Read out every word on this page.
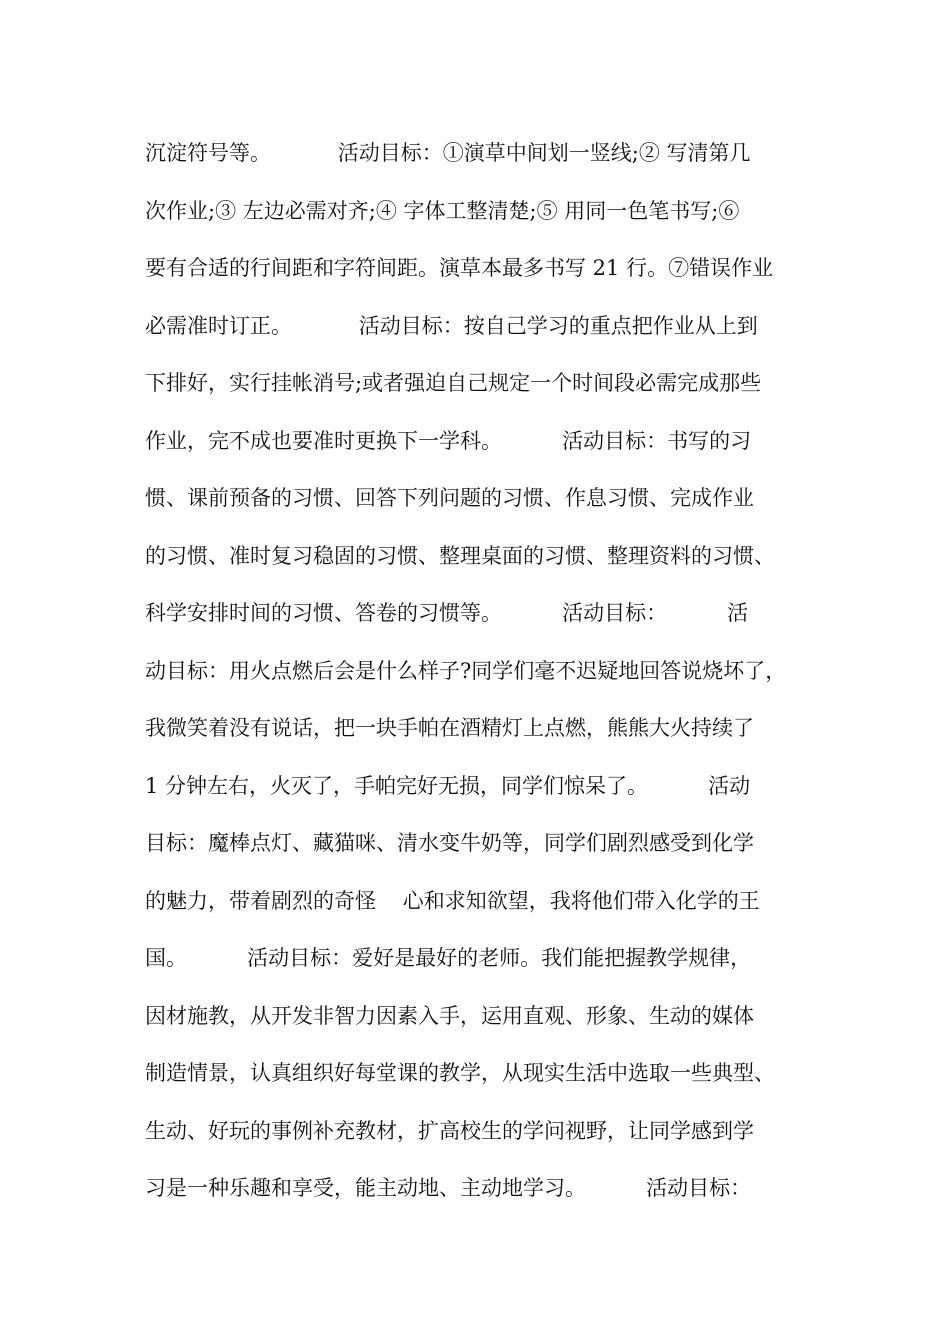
沉淀符号等。          活动目标：①演草中间划一竖线;② 写清第几
次作业;③ 左边必需对齐;④ 字体工整清楚;⑤ 用同一色笔书写;⑥
要有合适的行间距和字符间距。演草本最多书写 21 行。⑦错误作业
必需准时订正。          活动目标：按自己学习的重点把作业从上到
下排好，实行挂帐消号;或者强迫自己规定一个时间段必需完成那些
作业，完不成也要准时更换下一学科。         活动目标：书写的习
惯、课前预备的习惯、回答下列问题的习惯、作息习惯、完成作业
的习惯、准时复习稳固的习惯、整理桌面的习惯、整理资料的习惯、
科学安排时间的习惯、答卷的习惯等。         活动目标：         活
动目标：用火点燃后会是什么样子?同学们毫不迟疑地回答说烧坏了，
我微笑着没有说话，把一块手帕在酒精灯上点燃，熊熊大火持续了
1 分钟左右，火灭了，手帕完好无损，同学们惊呆了。         活动
目标：魔棒点灯、藏猫咪、清水变牛奶等，同学们剧烈感受到化学
的魅力，带着剧烈的奇怪    心和求知欲望，我将他们带入化学的王
国。         活动目标：爱好是最好的老师。我们能把握教学规律，
因材施教，从开发非智力因素入手，运用直观、形象、生动的媒体
制造情景，认真组织好每堂课的教学，从现实生活中选取一些典型、
生动、好玩的事例补充教材，扩高校生的学问视野，让同学感到学
习是一种乐趣和享受，能主动地、主动地学习。         活动目标：
